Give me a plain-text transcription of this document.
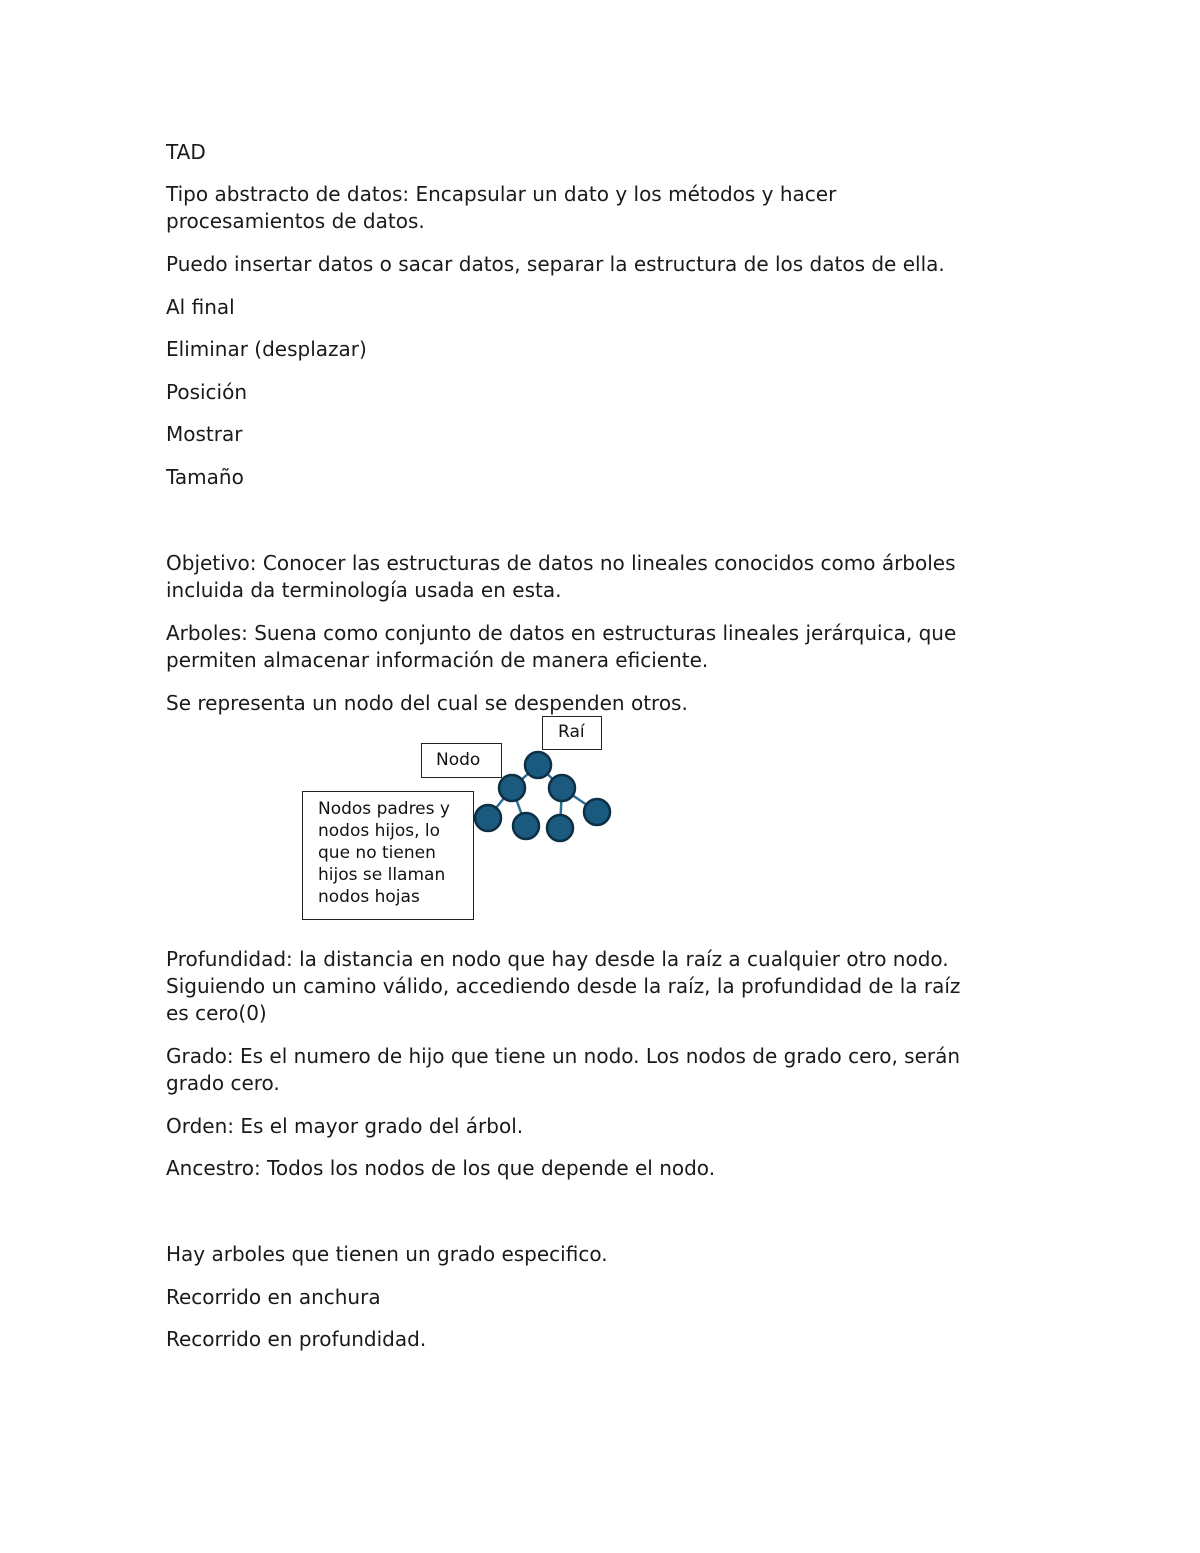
TAD

Tipo abstracto de datos: Encapsular un dato y los métodos y hacer

procesamientos de datos.

Puedo insertar datos o sacar datos, separar la estructura de los datos de ella.

Al final

Eliminar (desplazar)

Posición

Mostrar

Tamaño

Objetivo: Conocer las estructuras de datos no lineales conocidos como árboles

incluida da terminología usada en esta.

Arboles: Suena como conjunto de datos en estructuras lineales jerárquica, que

permiten almacenar información de manera eficiente.

Se representa un nodo del cual se despenden otros.

Raí
Nodo
Nodos padres y
nodos hijos, lo
que no tienen
hijos se llaman
nodos hojas

Profundidad: la distancia en nodo que hay desde la raíz a cualquier otro nodo.

Siguiendo un camino válido, accediendo desde la raíz, la profundidad de la raíz

es cero(0)

Grado: Es el numero de hijo que tiene un nodo. Los nodos de grado cero, serán

grado cero.

Orden: Es el mayor grado del árbol.

Ancestro: Todos los nodos de los que depende el nodo.

Hay arboles que tienen un grado especifico.

Recorrido en anchura

Recorrido en profundidad.
